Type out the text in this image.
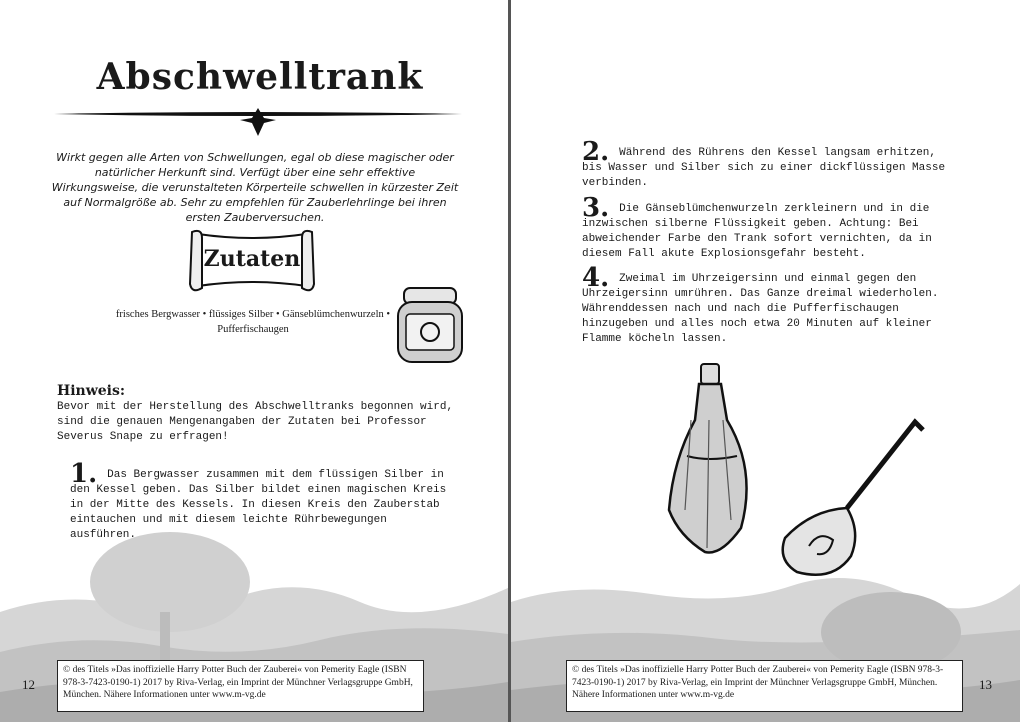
Abschwelltrank
Wirkt gegen alle Arten von Schwellungen, egal ob diese magischer oder natürlicher Herkunft sind. Verfügt über eine sehr effektive Wirkungsweise, die verunstalteten Körperteile schwellen in kürzester Zeit auf Normalgröße ab. Sehr zu empfehlen für Zauberlehrlinge bei ihren ersten Zauberversuchen.
Zutaten
frisches Bergwasser • flüssiges Silber • Gänseblümchenwurzeln • Pufferfischaugen
Hinweis:
Bevor mit der Herstellung des Abschwelltranks begonnen wird, sind die genauen Mengenangaben der Zutaten bei Professor Severus Snape zu erfragen!
1. Das Bergwasser zusammen mit dem flüssigen Silber in den Kessel geben. Das Silber bildet einen magischen Kreis in der Mitte des Kessels. In diesen Kreis den Zauberstab eintauchen und mit diesem leichte Rührbewegungen ausführen.
© des Titels »Das inoffizielle Harry Potter Buch der Zauberei« von Pemerity Eagle (ISBN 978-3-7423-0190-1) 2017 by Riva-Verlag, ein Imprint der Münchner Verlagsgruppe GmbH, München. Nähere Informationen unter www.m-vg.de
12
2. Während des Rührens den Kessel langsam erhitzen, bis Wasser und Silber sich zu einer dickflüssigen Masse verbinden.
3. Die Gänseblümchenwurzeln zerkleinern und in die inzwischen silberne Flüssigkeit geben. Achtung: Bei abweichender Farbe den Trank sofort vernichten, da in diesem Fall akute Explosionsgefahr besteht.
4. Zweimal im Uhrzeigersinn und einmal gegen den Uhrzeigersinn umrühren. Das Ganze dreimal wiederholen. Währenddessen nach und nach die Pufferfischaugen hinzugeben und alles noch etwa 20 Minuten auf kleiner Flamme köcheln lassen.
© des Titels »Das inoffizielle Harry Potter Buch der Zauberei« von Pemerity Eagle (ISBN 978-3-7423-0190-1) 2017 by Riva-Verlag, ein Imprint der Münchner Verlagsgruppe GmbH, München. Nähere Informationen unter www.m-vg.de
13
